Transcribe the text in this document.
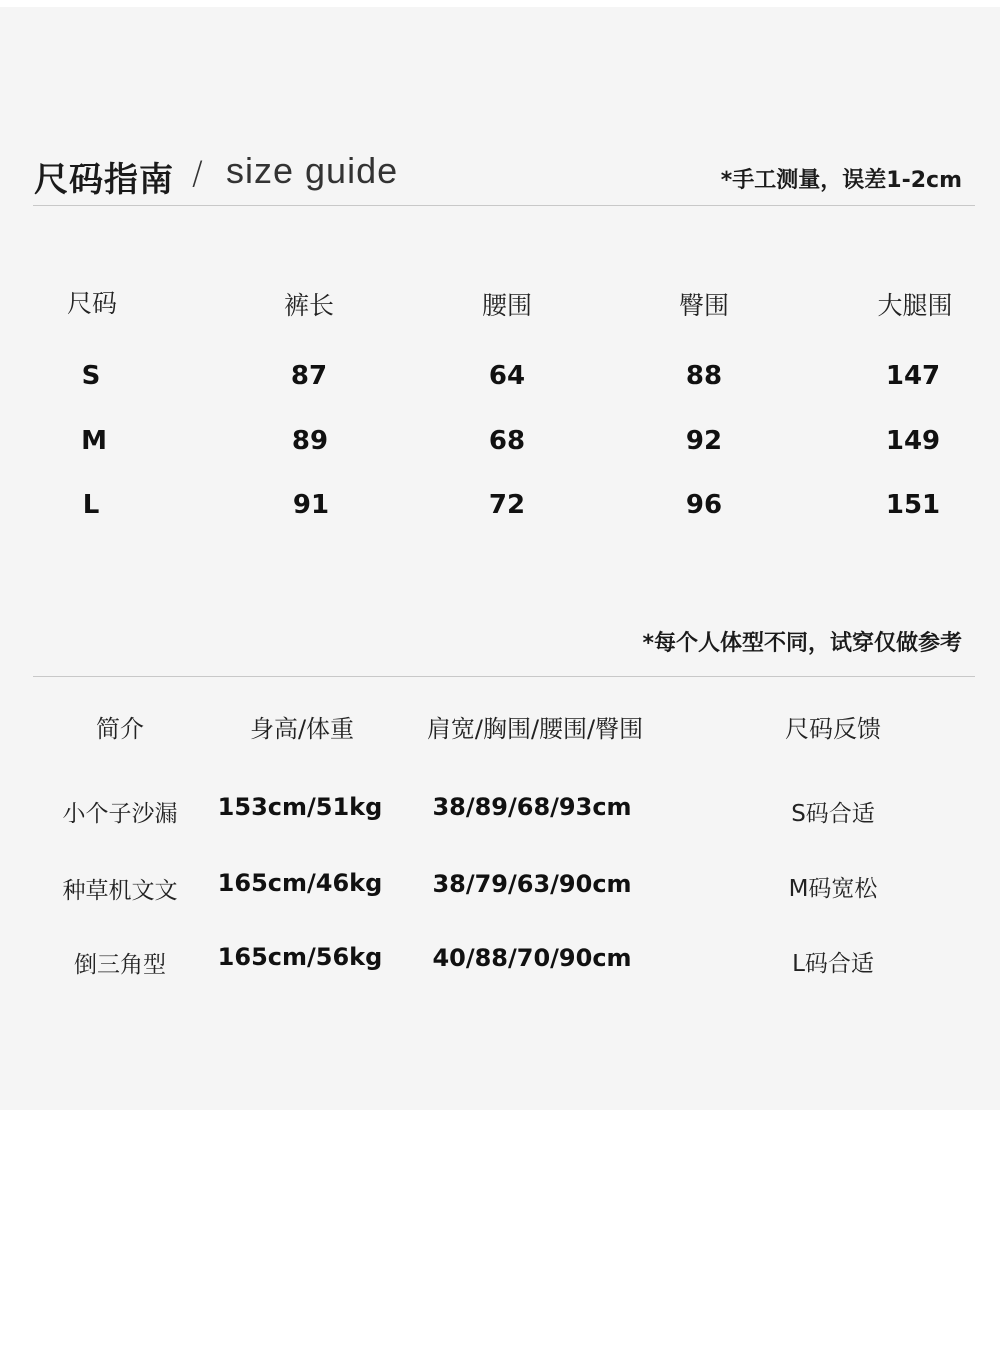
尺码指南 / size guide	*手工测量，误差1-2cm
尺码	裤长	腰围	臀围	大腿围
S	87	64	88	147
M	89	68	92	149
L	91	72	96	151
*每个人体型不同，试穿仅做参考
简介	身高/体重	肩宽/胸围/腰围/臀围	尺码反馈
小个子沙漏 153cm/51kg 38/89/68/93cm	S码合适
种草机文文 165cm/46kg 38/79/63/90cm	M码宽松
倒三角型 165cm/56kg 40/88/70/90cm	L码合适
